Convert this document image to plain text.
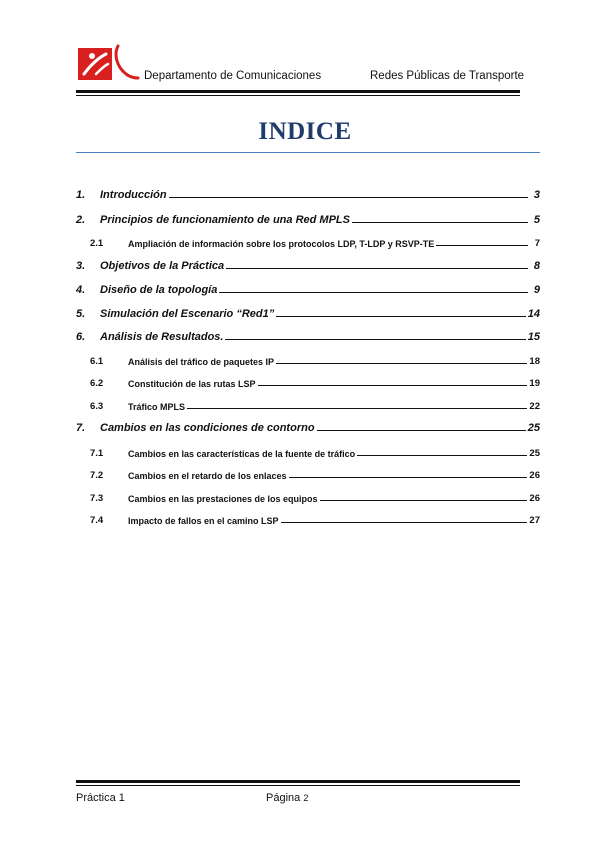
Departamento de Comunicaciones	Redes Públicas de Transporte
INDICE
1.	Introducción	3
2.	Principios de funcionamiento de una Red MPLS	5
2.1	Ampliación de información sobre los protocolos LDP, T-LDP y RSVP-TE	7
3.	Objetivos de la Práctica	8
4.	Diseño de la topología	9
5.	Simulación del Escenario “Red1”	14
6.	Análisis de Resultados.	15
6.1	Análisis del tráfico de paquetes IP	18
6.2	Constitución de las rutas LSP	19
6.3	Tráfico MPLS	22
7.	Cambios en las condiciones de contorno	25
7.1	Cambios en las características de la fuente de tráfico	25
7.2	Cambios en el retardo de los enlaces	26
7.3	Cambios en las prestaciones de los equipos	26
7.4	Impacto de fallos en el camino LSP	27
Práctica 1	Página 2
